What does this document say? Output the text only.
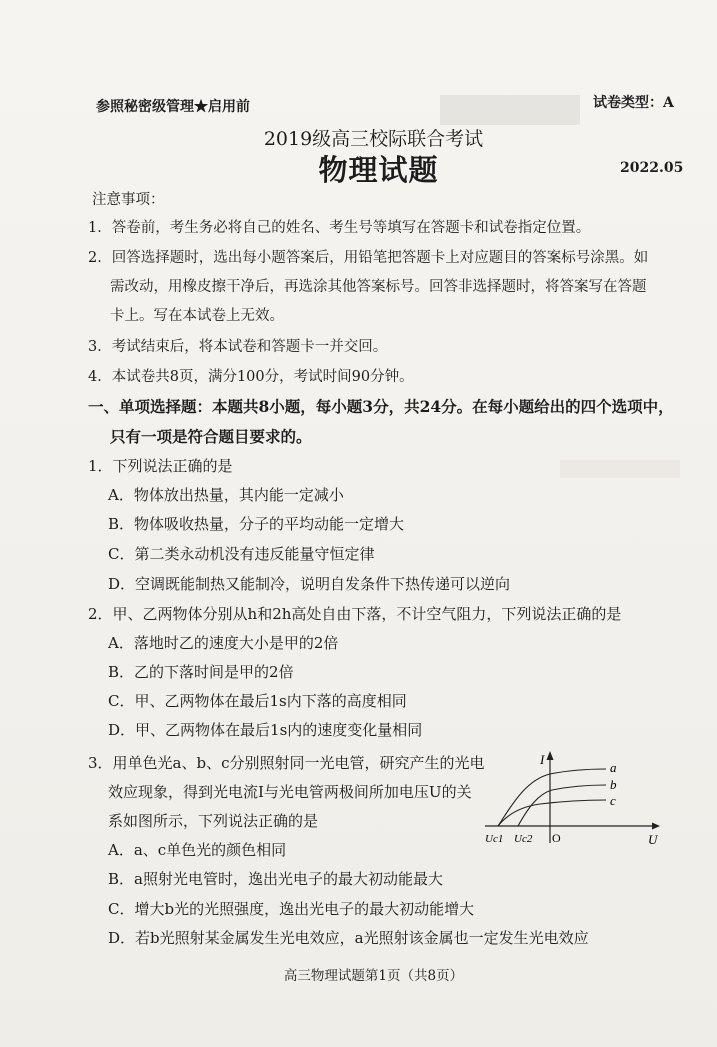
参照秘密级管理★启用前	试卷类型：A
2019级高三校际联合考试
物理试题	2022.05
注意事项：
1．答卷前，考生务必将自己的姓名、考生号等填写在答题卡和试卷指定位置。
2．回答选择题时，选出每小题答案后，用铅笔把答题卡上对应题目的答案标号涂黑。如
需改动，用橡皮擦干净后，再选涂其他答案标号。回答非选择题时，将答案写在答题
卡上。写在本试卷上无效。
3．考试结束后，将本试卷和答题卡一并交回。
4．本试卷共8页，满分100分，考试时间90分钟。
一、单项选择题：本题共8小题，每小题3分，共24分。在每小题给出的四个选项中，
只有一项是符合题目要求的。
1．下列说法正确的是
A．物体放出热量，其内能一定减小
B．物体吸收热量，分子的平均动能一定增大
C．第二类永动机没有违反能量守恒定律
D．空调既能制热又能制冷，说明自发条件下热传递可以逆向
2．甲、乙两物体分别从h和2h高处自由下落，不计空气阻力，下列说法正确的是
A．落地时乙的速度大小是甲的2倍
B．乙的下落时间是甲的2倍
C．甲、乙两物体在最后1s内下落的高度相同
D．甲、乙两物体在最后1s内的速度变化量相同
3．用单色光a、b、c分别照射同一光电管，研究产生的光电
效应现象，得到光电流I与光电管两极间所加电压U的关
系如图所示，下列说法正确的是
A．a、c单色光的颜色相同
B．a照射光电管时，逸出光电子的最大初动能最大
C．增大b光的光照强度，逸出光电子的最大初动能增大
D．若b光照射某金属发生光电效应，a光照射该金属也一定发生光电效应
I
U
O
Uc1 Uc2
a
b
c
高三物理试题第1页（共8页）
